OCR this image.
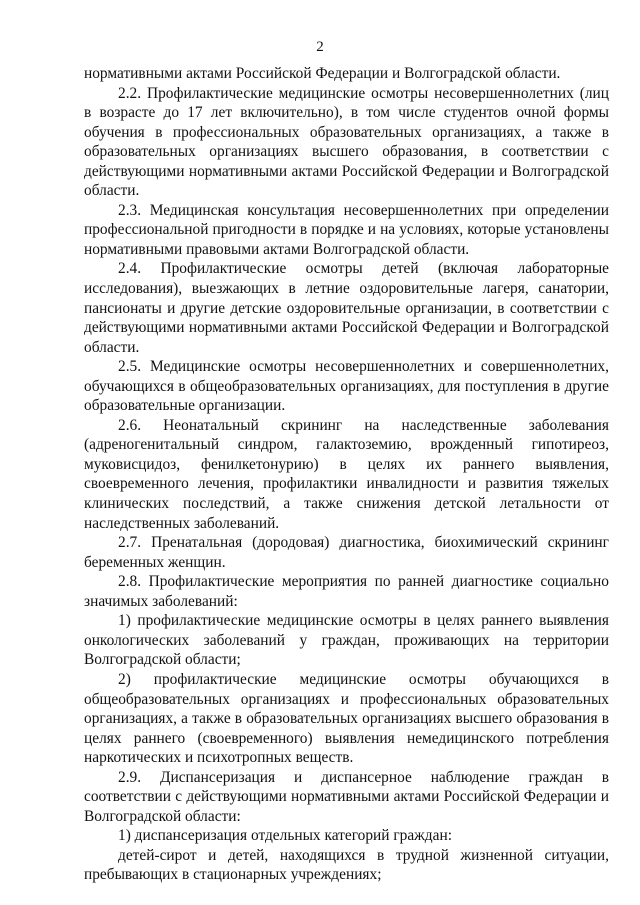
2

нормативными актами Российской Федерации и Волгоградской области.

2.2. Профилактические медицинские осмотры несовершеннолетних (лиц в возрасте до 17 лет включительно), в том числе студентов очной формы обучения в профессиональных образовательных организациях, а также в образовательных организациях высшего образования, в соответствии с действующими нормативными актами Российской Федерации и Волгоградской области.

2.3. Медицинская консультация несовершеннолетних при определении профессиональной пригодности в порядке и на условиях, которые установлены нормативными правовыми актами Волгоградской области.

2.4. Профилактические осмотры детей (включая лабораторные исследования), выезжающих в летние оздоровительные лагеря, санатории, пансионаты и другие детские оздоровительные организации, в соответствии с действующими нормативными актами Российской Федерации и Волгоградской области.

2.5. Медицинские осмотры несовершеннолетних и совершеннолетних, обучающихся в общеобразовательных организациях, для поступления в другие образовательные организации.

2.6. Неонатальный скрининг на наследственные заболевания (адреногенитальный синдром, галактоземию, врожденный гипотиреоз, муковисцидоз, фенилкетонурию) в целях их раннего выявления, своевременного лечения, профилактики инвалидности и развития тяжелых клинических последствий, а также снижения детской летальности от наследственных заболеваний.

2.7. Пренатальная (дородовая) диагностика, биохимический скрининг беременных женщин.

2.8. Профилактические мероприятия по ранней диагностике социально значимых заболеваний:

1) профилактические медицинские осмотры в целях раннего выявления онкологических заболеваний у граждан, проживающих на территории Волгоградской области;

2) профилактические медицинские осмотры обучающихся в общеобразовательных организациях и профессиональных образовательных организациях, а также в образовательных организациях высшего образования в целях раннего (своевременного) выявления немедицинского потребления наркотических и психотропных веществ.

2.9. Диспансеризация и диспансерное наблюдение граждан в соответствии с действующими нормативными актами Российской Федерации и Волгоградской области:

1) диспансеризация отдельных категорий граждан:

детей-сирот и детей, находящихся в трудной жизненной ситуации, пребывающих в стационарных учреждениях;
